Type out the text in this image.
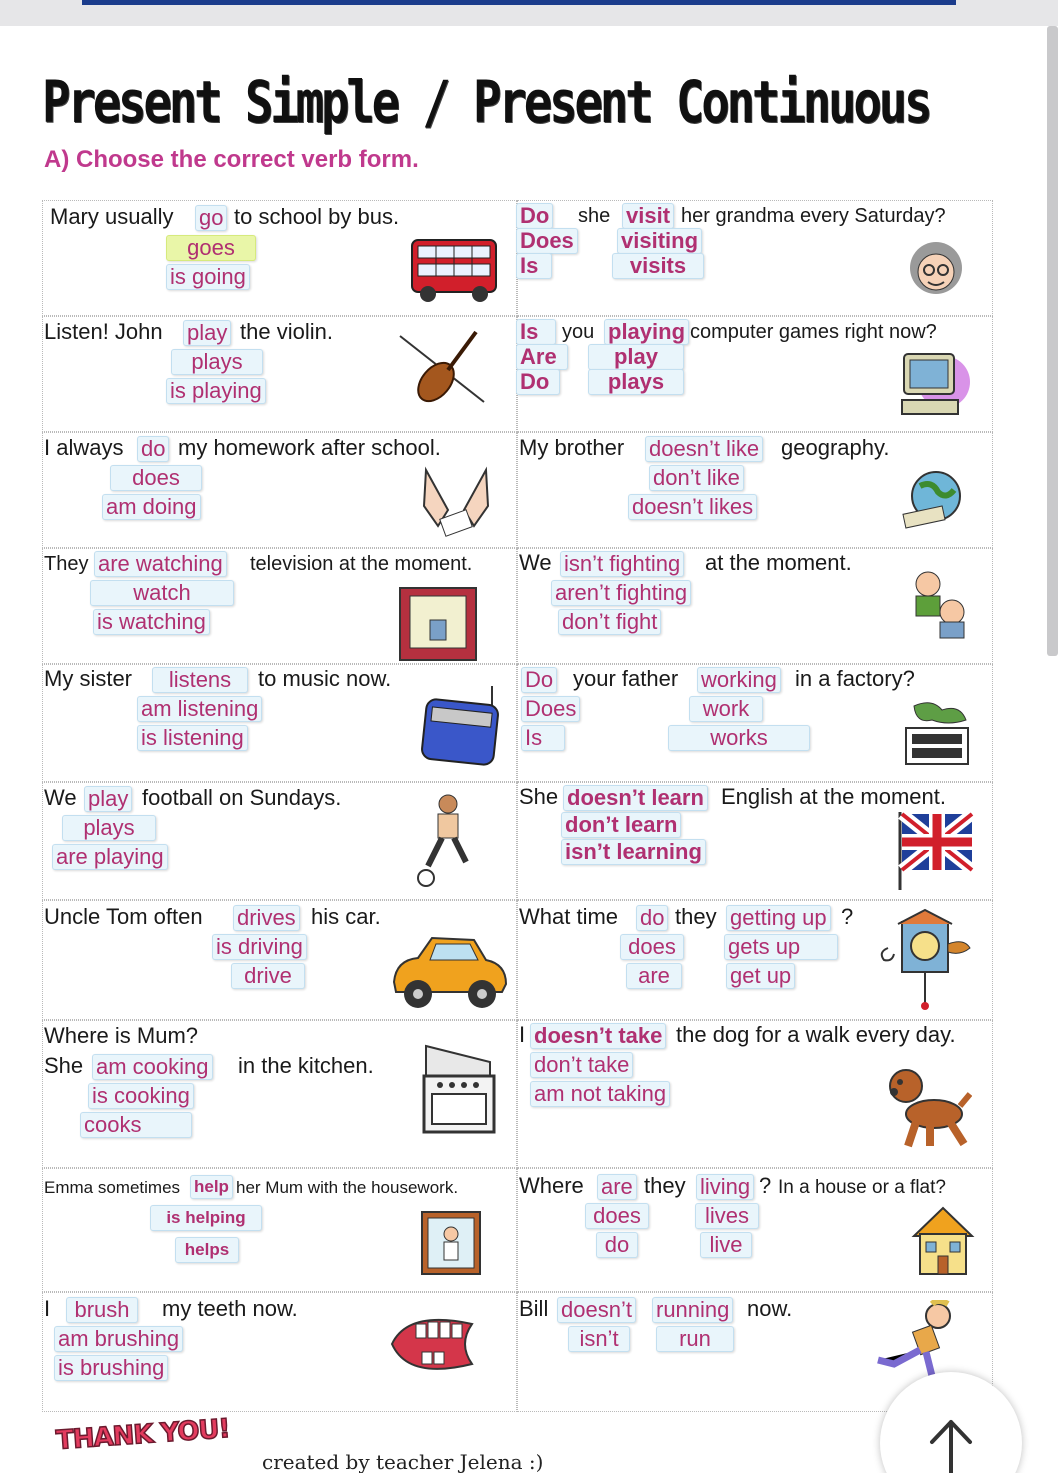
Present Simple / Present Continuous
A) Choose the correct verb form.
Mary usually go to school by bus.
goes
is going
Do
Does
Is
she visit her grandma every Saturday?
visiting
visits
Listen! John play the violin.
plays
is playing
Is
Are
Do
you playing computer games right now?
play
plays
I always do my homework after school.
does
am doing
My brother doesn’t like geography.
don’t like
doesn’t likes
They are watching television at the moment.
watch
is watching
We isn’t fighting at the moment.
aren’t fighting
don’t fight
My sister	listens	to music now.
am listening
is listening
Do
Does
Is
your father working in a factory?
work
works
We play football on Sundays.
plays
are playing
She doesn’t learn English at the moment.
don’t learn
isn’t learning
Uncle Tom often drives his car.
is driving
drive
What time do they getting up ?
does	gets up
are	get up
Where is Mum?
She am cooking in the kitchen.
is cooking
cooks
I doesn’t take the dog for a walk every day.
don’t take
am not taking
Emma sometimes help her Mum with the housework.
is helping
helps
Where are they living ? In a house or a flat?
does	lives
do	live
I	brush	my teeth now.
am brushing
is brushing
Bill doesn’t running now.
isn’t	run
THANK YOU!
created by teacher Jelena :)
